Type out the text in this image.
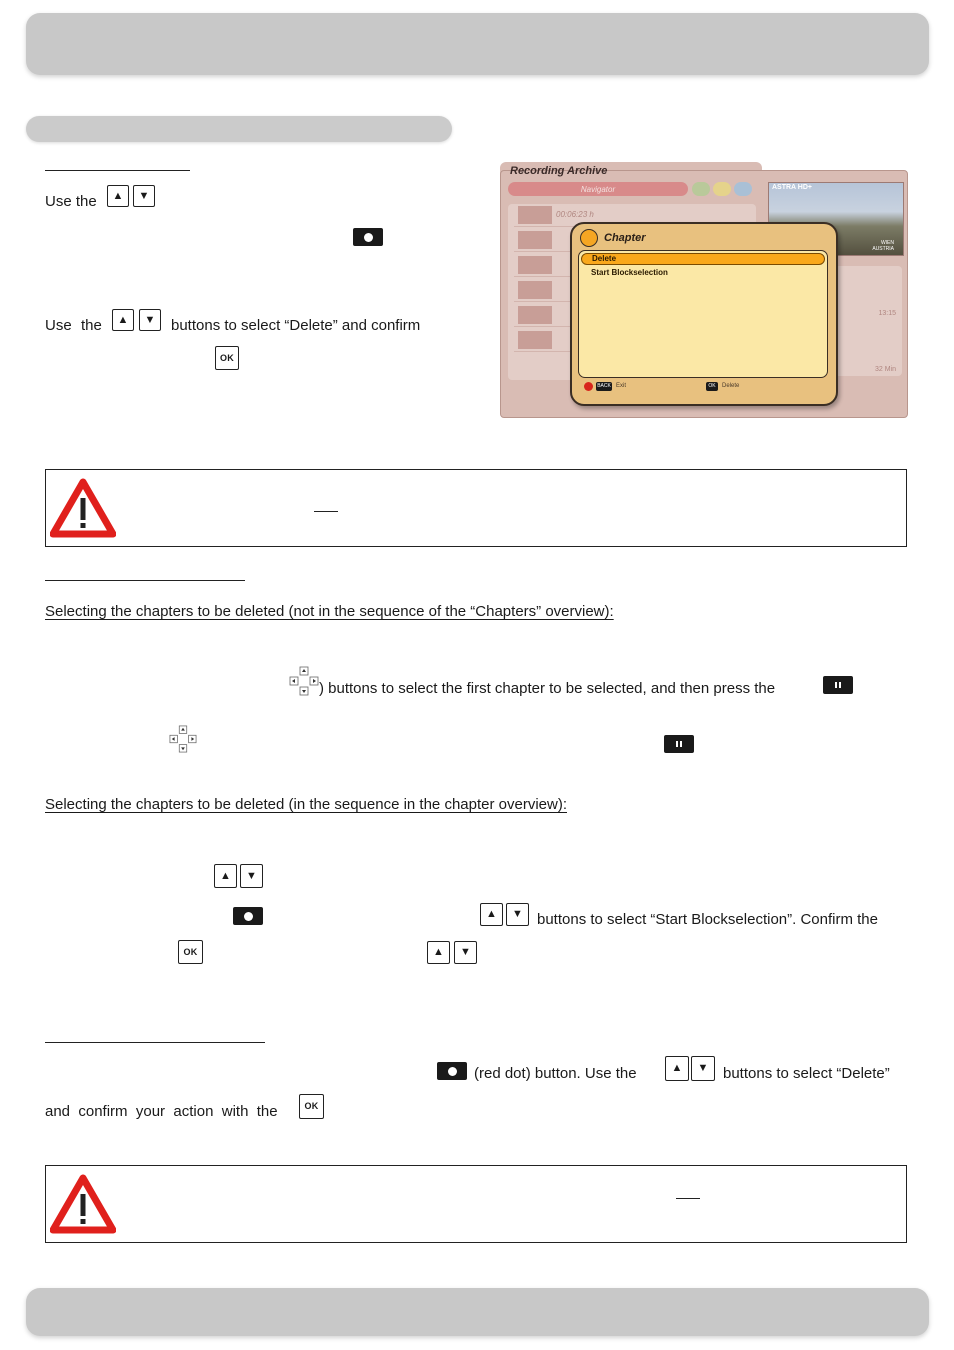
Use the	▲	▼
Use the	▲	▼	buttons to select “Delete” and confirm
OK
Recording Archive
Navigator
00:06:23 h
ASTRA HD+
WIEN AUSTRIA
13:15
32 Min
Chapter
Delete
Start Blockselection
BACK Exit	OK	Delete
Selecting the chapters to be deleted (not in the sequence of the “Chapters” overview):
) buttons to select the first chapter to be selected, and then press the
Selecting the chapters to be deleted (in the sequence in the chapter overview):
▲	▼
▲	▼ buttons to select “Start Blockselection”. Confirm the
OK	▲	▼
(red dot) button. Use the	▲	▼ buttons to select “Delete”
and  confirm  your  action  with  the	OK
